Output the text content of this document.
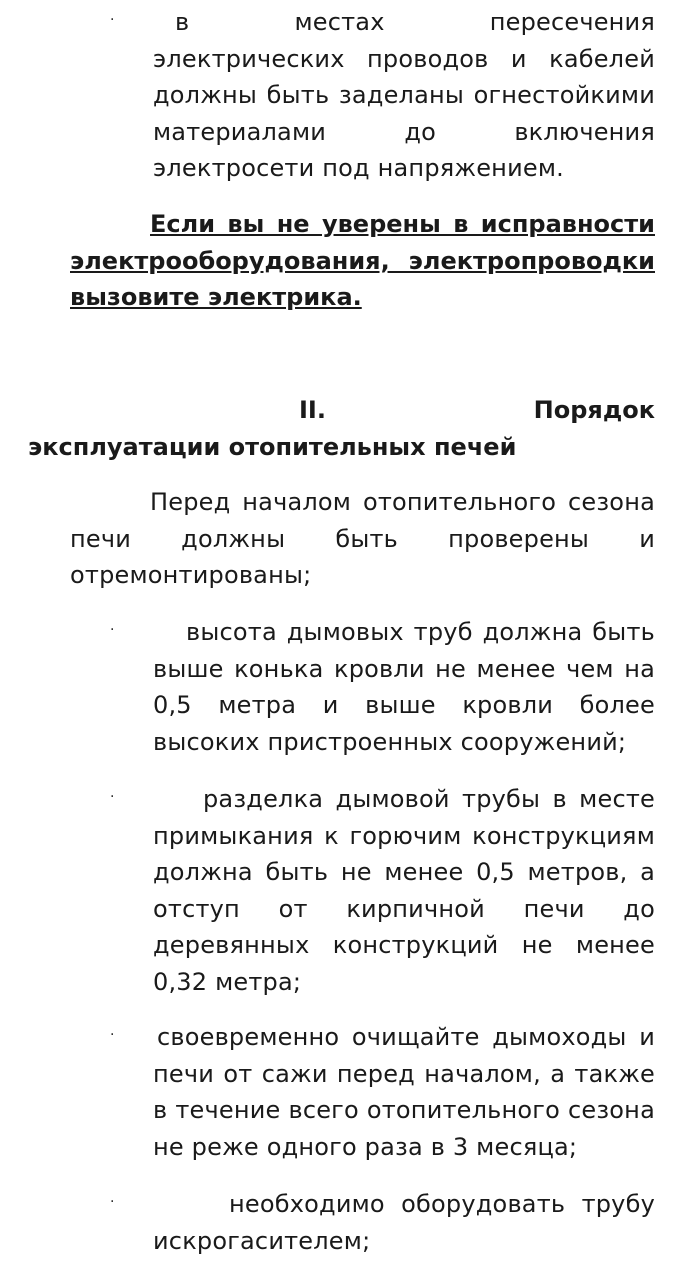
·	в местах пересечения электрических проводов и кабелей должны быть заделаны огнестойкими материалами до включения электросети под напряжением.
Если вы не уверены в исправности электрооборудования, электропроводки вызовите электрика.
II. Порядок эксплуатации отопительных печей
Перед началом отопительного сезона печи должны быть проверены и отремонтированы;
·	высота дымовых труб должна быть выше конька кровли не менее чем на 0,5 метра и выше кровли более высоких пристроенных сооружений;
·	разделка дымовой трубы в месте примыкания к горючим конструкциям должна быть не менее 0,5 метров, а отступ от кирпичной печи до деревянных конструкций не менее 0,32 метра;
· своевременно очищайте дымоходы и печи от сажи перед началом, а также в течение всего отопительного сезона не реже одного раза в 3 месяца;
·	необходимо оборудовать трубу искрогасителем;
